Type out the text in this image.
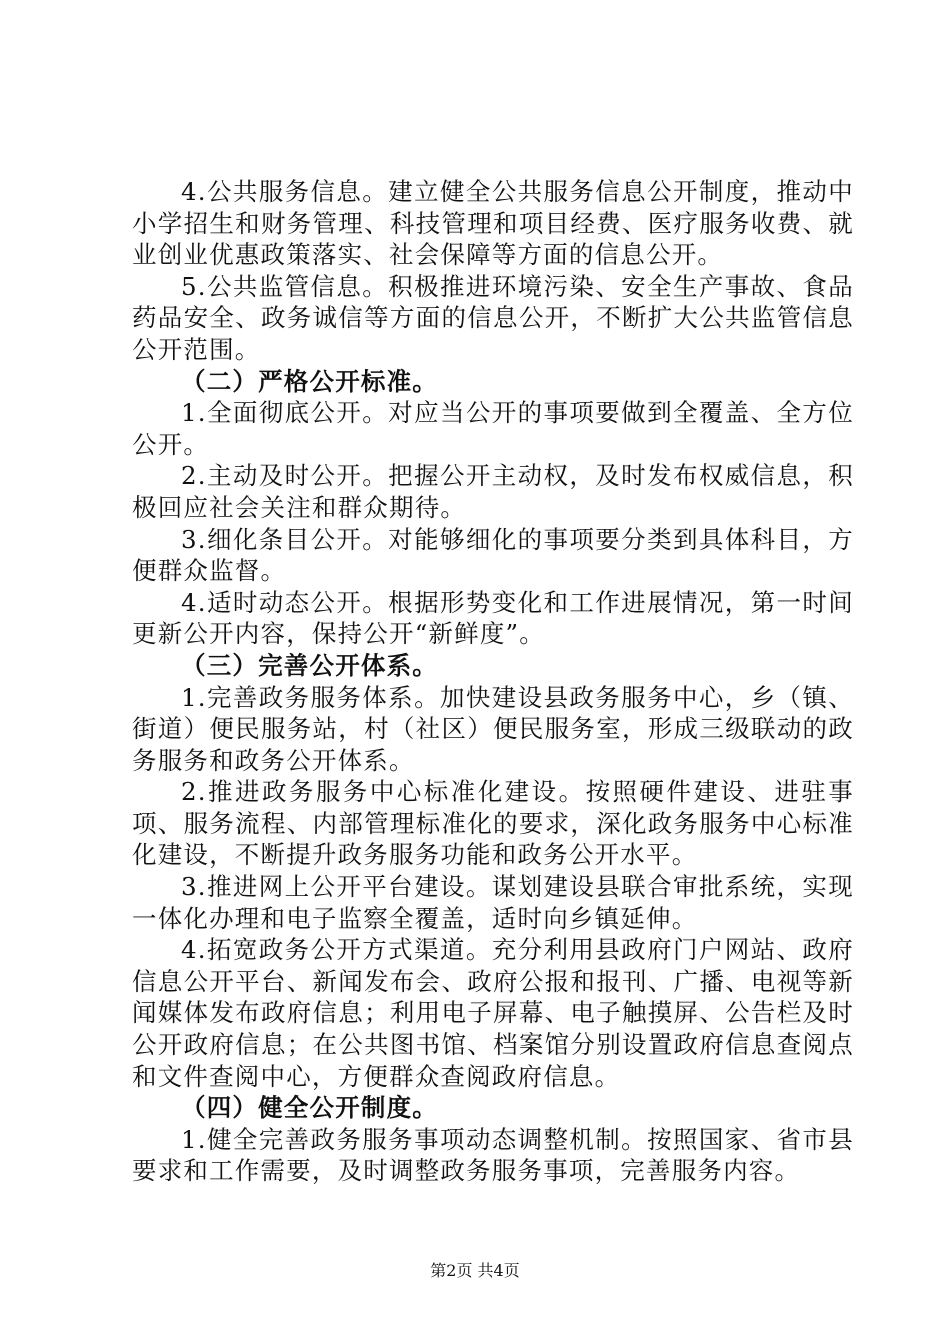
4.公共服务信息。建立健全公共服务信息公开制度，推动中小学招生和财务管理、科技管理和项目经费、医疗服务收费、就业创业优惠政策落实、社会保障等方面的信息公开。

5.公共监管信息。积极推进环境污染、安全生产事故、食品药品安全、政务诚信等方面的信息公开，不断扩大公共监管信息公开范围。

（二）严格公开标准。

1.全面彻底公开。对应当公开的事项要做到全覆盖、全方位公开。

2.主动及时公开。把握公开主动权，及时发布权威信息，积极回应社会关注和群众期待。

3.细化条目公开。对能够细化的事项要分类到具体科目，方便群众监督。

4.适时动态公开。根据形势变化和工作进展情况，第一时间更新公开内容，保持公开“新鲜度”。

（三）完善公开体系。

1.完善政务服务体系。加快建设县政务服务中心，乡（镇、街道）便民服务站，村（社区）便民服务室，形成三级联动的政务服务和政务公开体系。

2.推进政务服务中心标准化建设。按照硬件建设、进驻事项、服务流程、内部管理标准化的要求，深化政务服务中心标准化建设，不断提升政务服务功能和政务公开水平。

3.推进网上公开平台建设。谋划建设县联合审批系统，实现一体化办理和电子监察全覆盖，适时向乡镇延伸。

4.拓宽政务公开方式渠道。充分利用县政府门户网站、政府信息公开平台、新闻发布会、政府公报和报刊、广播、电视等新闻媒体发布政府信息；利用电子屏幕、电子触摸屏、公告栏及时公开政府信息；在公共图书馆、档案馆分别设置政府信息查阅点和文件查阅中心，方便群众查阅政府信息。

（四）健全公开制度。

1.健全完善政务服务事项动态调整机制。按照国家、省市县要求和工作需要，及时调整政务服务事项，完善服务内容。

第2页 共4页
